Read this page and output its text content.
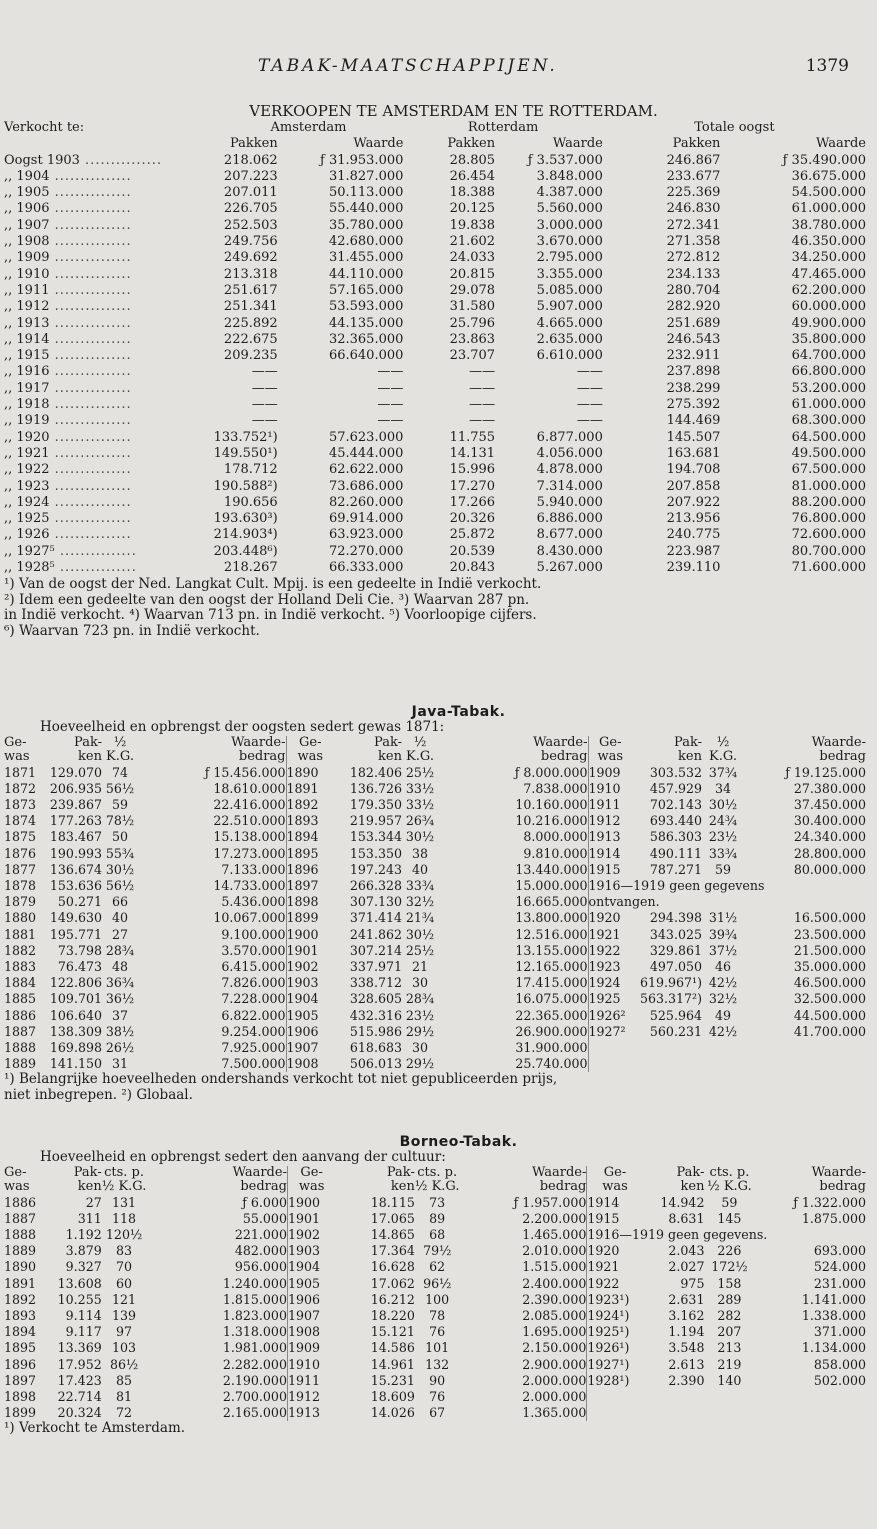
TABAK-MAATSCHAPPIJEN.	1379
VERKOOPEN TE AMSTERDAM EN TE ROTTERDAM.
Verkocht te:	Amsterdam		Rotterdam		Totale oogst	
	Pakken	Waarde	Pakken	Waarde	Pakken	Waarde
Oogst 1903 ...............	218.062	ƒ 31.953.000	28.805	ƒ 3.537.000	246.867	ƒ 35.490.000
,, 1904 ...............	207.223	31.827.000	26.454	3.848.000	233.677	36.675.000
,, 1905 ...............	207.011	50.113.000	18.388	4.387.000	225.369	54.500.000
,, 1906 ...............	226.705	55.440.000	20.125	5.560.000	246.830	61.000.000
,, 1907 ...............	252.503	35.780.000	19.838	3.000.000	272.341	38.780.000
,, 1908 ...............	249.756	42.680.000	21.602	3.670.000	271.358	46.350.000
,, 1909 ...............	249.692	31.455.000	24.033	2.795.000	272.812	34.250.000
,, 1910 ...............	213.318	44.110.000	20.815	3.355.000	234.133	47.465.000
,, 1911 ...............	251.617	57.165.000	29.078	5.085.000	280.704	62.200.000
,, 1912 ...............	251.341	53.593.000	31.580	5.907.000	282.920	60.000.000
,, 1913 ...............	225.892	44.135.000	25.796	4.665.000	251.689	49.900.000
,, 1914 ...............	222.675	32.365.000	23.863	2.635.000	246.543	35.800.000
,, 1915 ...............	209.235	66.640.000	23.707	6.610.000	232.911	64.700.000
,, 1916 ...............	——	——	——	——	237.898	66.800.000
,, 1917 ...............	——	——	——	——	238.299	53.200.000
,, 1918 ...............	——	——	——	——	275.392	61.000.000
,, 1919 ...............	——	——	——	——	144.469	68.300.000
,, 1920 ...............	133.752¹)	57.623.000	11.755	6.877.000	145.507	64.500.000
,, 1921 ...............	149.550¹)	45.444.000	14.131	4.056.000	163.681	49.500.000
,, 1922 ...............	178.712	62.622.000	15.996	4.878.000	194.708	67.500.000
,, 1923 ...............	190.588²)	73.686.000	17.270	7.314.000	207.858	81.000.000
,, 1924 ...............	190.656	82.260.000	17.266	5.940.000	207.922	88.200.000
,, 1925 ...............	193.630³)	69.914.000	20.326	6.886.000	213.956	76.800.000
,, 1926 ...............	214.903⁴)	63.923.000	25.872	8.677.000	240.775	72.600.000
,, 1927⁵ ...............	203.448⁶)	72.270.000	20.539	8.430.000	223.987	80.700.000
,, 1928⁵ ...............	218.267	66.333.000	20.843	5.267.000	239.110	71.600.000
¹) Van de oogst der Ned. Langkat Cult. Mpij. is een gedeelte in Indië verkocht.
²) Idem een gedeelte van den oogst der Holland Deli Cie. ³) Waarvan 287 pn.
in Indië verkocht. ⁴) Waarvan 713 pn. in Indië verkocht. ⁵) Voorloopige cijfers.
⁶) Waarvan 723 pn. in Indië verkocht.
Java-Tabak.
Hoeveelheid en opbrengst der oogsten sedert gewas 1871:
Ge-	Pak-	½	Waarde-	Ge-	Pak-	½	Waarde-	Ge-	Pak-	½	Waarde-
was	ken	K.G.	bedrag	was	ken	K.G.	bedrag	was	ken	K.G.	bedrag
1871	129.070	74	ƒ 15.456.000	1890	182.406	25½	ƒ 8.000.000	1909	303.532	37¾	ƒ 19.125.000
1872	206.935	56½	18.610.000	1891	136.726	33½	7.838.000	1910	457.929	34	27.380.000
1873	239.867	59	22.416.000	1892	179.350	33½	10.160.000	1911	702.143	30½	37.450.000
1874	177.263	78½	22.510.000	1893	219.957	26¾	10.216.000	1912	693.440	24¾	30.400.000
1875	183.467	50	15.138.000	1894	153.344	30½	8.000.000	1913	586.303	23½	24.340.000
1876	190.993	55¾	17.273.000	1895	153.350	38	9.810.000	1914	490.111	33¾	28.800.000
1877	136.674	30½	7.133.000	1896	197.243	40	13.440.000	1915	787.271	59	80.000.000
1878	153.636	56½	14.733.000	1897	266.328	33¾	15.000.000	1916—1919 geen gegevens			
1879	50.271	66	5.436.000	1898	307.130	32½	16.665.000	ontvangen.			
1880	149.630	40	10.067.000	1899	371.414	21¾	13.800.000	1920	294.398	31½	16.500.000
1881	195.771	27	9.100.000	1900	241.862	30½	12.516.000	1921	343.025	39¾	23.500.000
1882	73.798	28¾	3.570.000	1901	307.214	25½	13.155.000	1922	329.861	37½	21.500.000
1883	76.473	48	6.415.000	1902	337.971	21	12.165.000	1923	497.050	46	35.000.000
1884	122.806	36¾	7.826.000	1903	338.712	30	17.415.000	1924	619.967¹)	42½	46.500.000
1885	109.701	36½	7.228.000	1904	328.605	28¾	16.075.000	1925	563.317²)	32½	32.500.000
1886	106.640	37	6.822.000	1905	432.316	23½	22.365.000	1926²	525.964	49	44.500.000
1887	138.309	38½	9.254.000	1906	515.986	29½	26.900.000	1927²	560.231	42½	41.700.000
1888	169.898	26½	7.925.000	1907	618.683	30	31.900.000				
1889	141.150	31	7.500.000	1908	506.013	29½	25.740.000				
¹) Belangrijke hoeveelheden ondershands verkocht tot niet gepubliceerden prijs,
niet inbegrepen. ²) Globaal.
Borneo-Tabak.
Hoeveelheid en opbrengst sedert den aanvang der cultuur:
Ge-	Pak-	cts. p.	Waarde-	Ge-	Pak-	cts. p.	Waarde-	Ge-	Pak-	cts. p.	Waarde-
was	ken	½ K.G.	bedrag	was	ken	½ K.G.	bedrag	was	ken	½ K.G.	bedrag
1886	27	131	ƒ 6.000	1900	18.115	73	ƒ 1.957.000	1914	14.942	59	ƒ 1.322.000
1887	311	118	55.000	1901	17.065	89	2.200.000	1915	8.631	145	1.875.000
1888	1.192	120½	221.000	1902	14.865	68	1.465.000	1916—1919 geen gegevens.			
1889	3.879	83	482.000	1903	17.364	79½	2.010.000	1920	2.043	226	693.000
1890	9.327	70	956.000	1904	16.628	62	1.515.000	1921	2.027	172½	524.000
1891	13.608	60	1.240.000	1905	17.062	96½	2.400.000	1922	975	158	231.000
1892	10.255	121	1.815.000	1906	16.212	100	2.390.000	1923¹)	2.631	289	1.141.000
1893	9.114	139	1.823.000	1907	18.220	78	2.085.000	1924¹)	3.162	282	1.338.000
1894	9.117	97	1.318.000	1908	15.121	76	1.695.000	1925¹)	1.194	207	371.000
1895	13.369	103	1.981.000	1909	14.586	101	2.150.000	1926¹)	3.548	213	1.134.000
1896	17.952	86½	2.282.000	1910	14.961	132	2.900.000	1927¹)	2.613	219	858.000
1897	17.423	85	2.190.000	1911	15.231	90	2.000.000	1928¹)	2.390	140	502.000
1898	22.714	81	2.700.000	1912	18.609	76	2.000.000				
1899	20.324	72	2.165.000	1913	14.026	67	1.365.000				
¹) Verkocht te Amsterdam.
